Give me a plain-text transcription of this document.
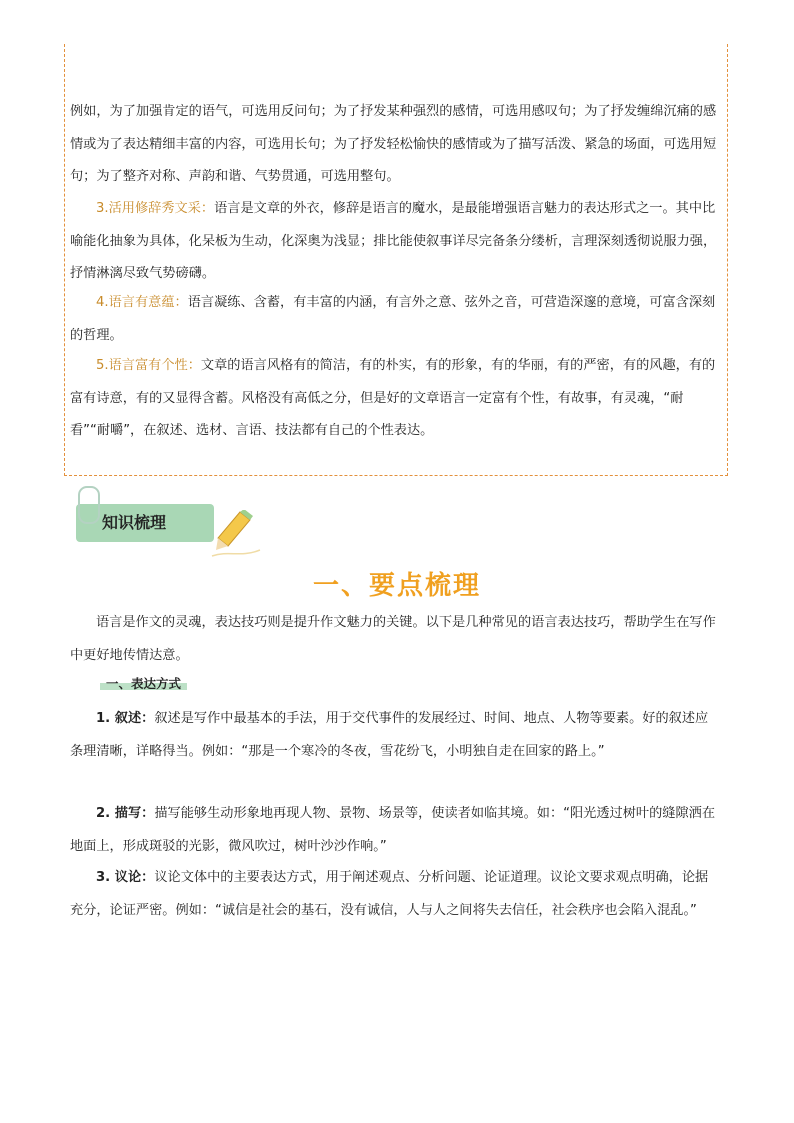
例如，为了加强肯定的语气，可选用反问句；为了抒发某种强烈的感情，可选用感叹句；为了抒发缠绵沉痛的感情或为了表达精细丰富的内容，可选用长句；为了抒发轻松愉快的感情或为了描写活泼、紧急的场面，可选用短句；为了整齐对称、声韵和谐、气势贯通，可选用整句。

3.活用修辞秀文采：语言是文章的外衣，修辞是语言的魔水，是最能增强语言魅力的表达形式之一。其中比喻能化抽象为具体，化呆板为生动，化深奥为浅显；排比能使叙事详尽完备条分缕析，言理深刻透彻说服力强，抒情淋漓尽致气势磅礴。

4.语言有意蕴：语言凝练、含蓄，有丰富的内涵，有言外之意、弦外之音，可营造深邃的意境，可富含深刻的哲理。

5.语言富有个性：文章的语言风格有的简洁，有的朴实，有的形象，有的华丽，有的严密，有的风趣，有的富有诗意，有的又显得含蓄。风格没有高低之分，但是好的文章语言一定富有个性，有故事，有灵魂，“耐看”“耐嚼”，在叙述、选材、言语、技法都有自己的个性表达。

知识梳理
一、要点梳理

语言是作文的灵魂，表达技巧则是提升作文魅力的关键。以下是几种常见的语言表达技巧，帮助学生在写作中更好地传情达意。

一、表达方式

1. 叙述：叙述是写作中最基本的手法，用于交代事件的发展经过、时间、地点、人物等要素。好的叙述应条理清晰，详略得当。例如：“那是一个寒冷的冬夜，雪花纷飞，小明独自走在回家的路上。”

2. 描写：描写能够生动形象地再现人物、景物、场景等，使读者如临其境。如：“阳光透过树叶的缝隙洒在地面上，形成斑驳的光影，微风吹过，树叶沙沙作响。”

3. 议论：议论文体中的主要表达方式，用于阐述观点、分析问题、论证道理。议论文要求观点明确，论据充分，论证严密。例如：“诚信是社会的基石，没有诚信，人与人之间将失去信任，社会秩序也会陷入混乱。”
